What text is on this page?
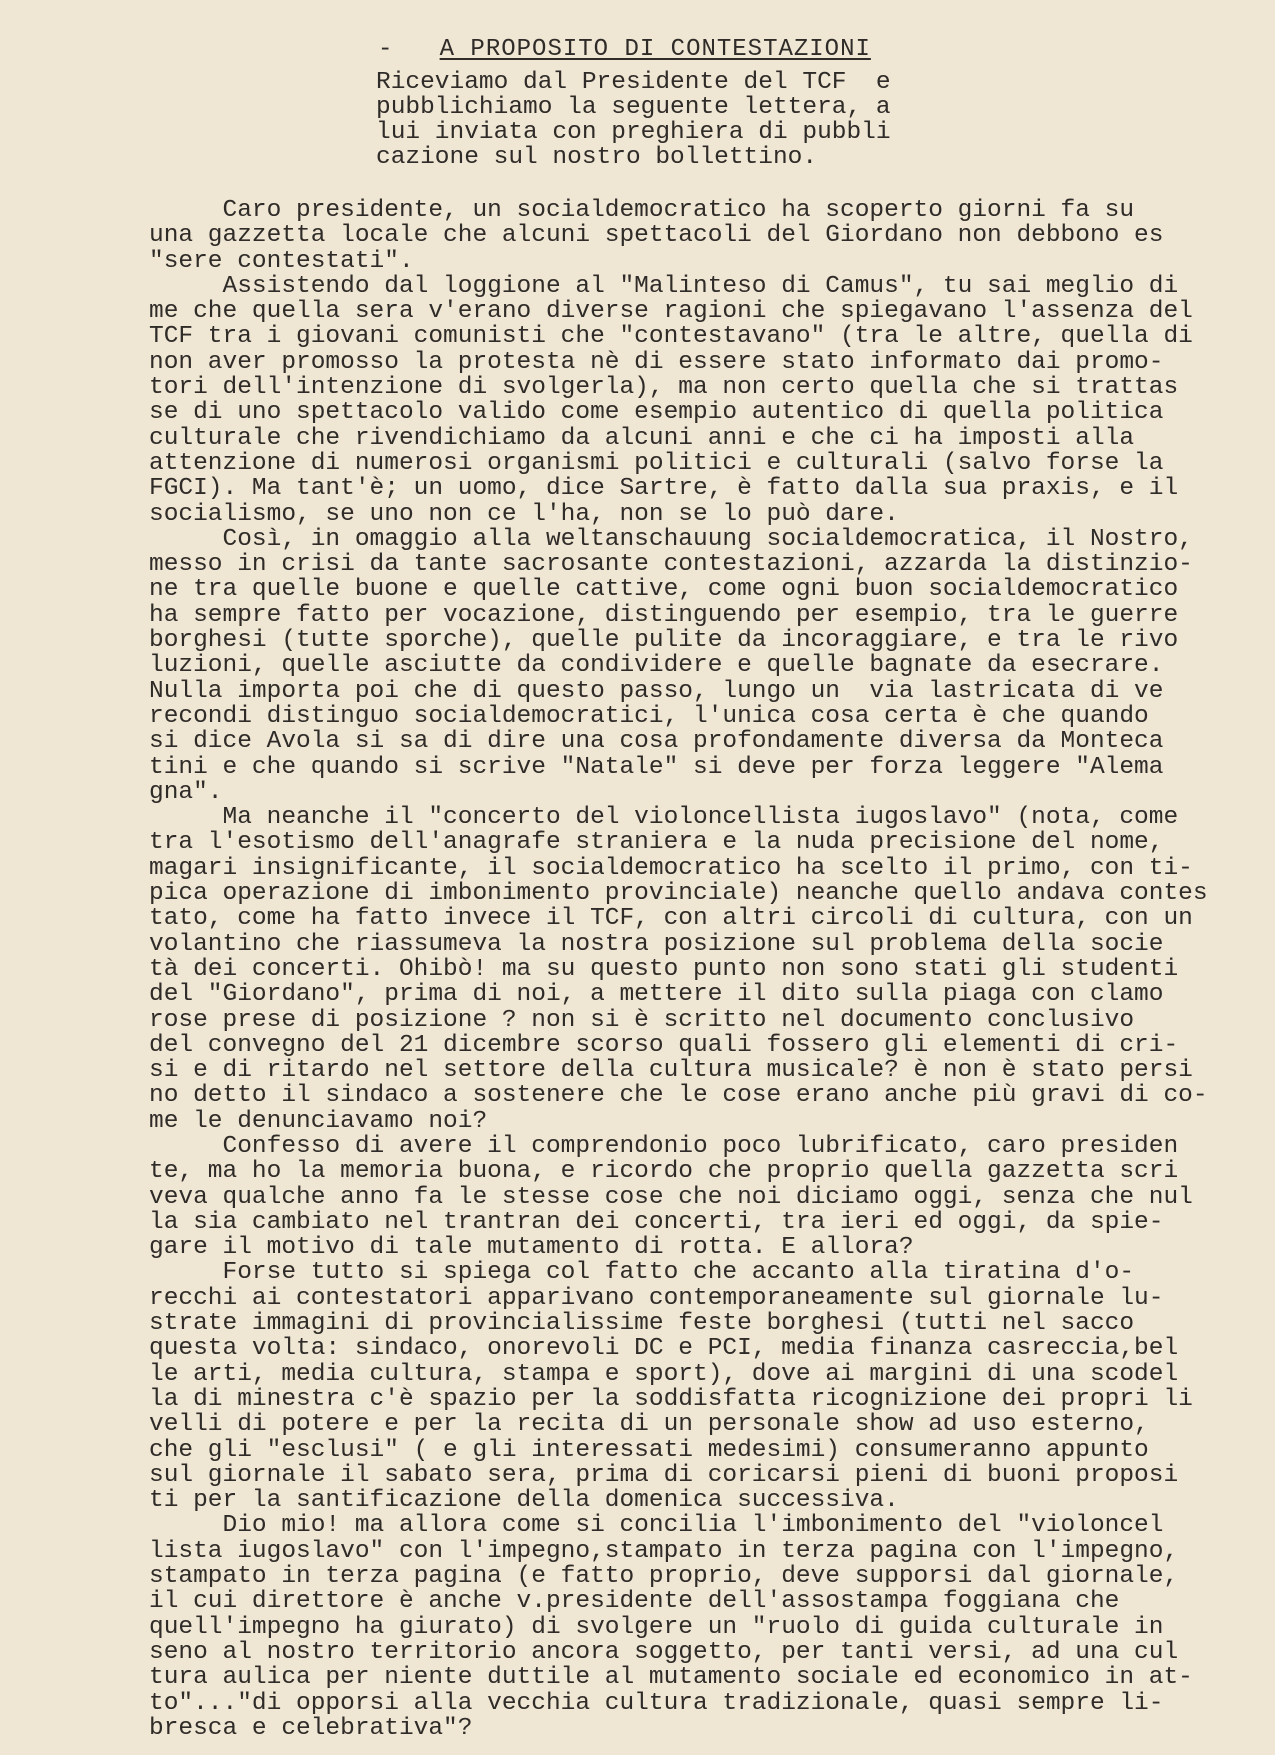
- A PROPOSITO DI CONTESTAZIONI
Riceviamo dal Presidente del TCF  e
pubblichiamo la seguente lettera, a
lui inviata con preghiera di pubbli
cazione sul nostro bollettino.
Caro presidente, un socialdemocratico ha scoperto giorni fa su
una gazzetta locale che alcuni spettacoli del Giordano non debbono es
"sere contestati".
Assistendo dal loggione al "Malinteso di Camus", tu sai meglio di
me che quella sera v'erano diverse ragioni che spiegavano l'assenza del
TCF tra i giovani comunisti che "contestavano" (tra le altre, quella di
non aver promosso la protesta nè di essere stato informato dai promo-
tori dell'intenzione di svolgerla), ma non certo quella che si trattas
se di uno spettacolo valido come esempio autentico di quella politica
culturale che rivendichiamo da alcuni anni e che ci ha imposti alla
attenzione di numerosi organismi politici e culturali (salvo forse la
FGCI). Ma tant'è; un uomo, dice Sartre, è fatto dalla sua praxis, e il
socialismo, se uno non ce l'ha, non se lo può dare.
Così, in omaggio alla weltanschauung socialdemocratica, il Nostro,
messo in crisi da tante sacrosante contestazioni, azzarda la distinzio-
ne tra quelle buone e quelle cattive, come ogni buon socialdemocratico
ha sempre fatto per vocazione, distinguendo per esempio, tra le guerre
borghesi (tutte sporche), quelle pulite da incoraggiare, e tra le rivo
luzioni, quelle asciutte da condividere e quelle bagnate da esecrare.
Nulla importa poi che di questo passo, lungo un  via lastricata di ve
recondi distinguo socialdemocratici, l'unica cosa certa è che quando
si dice Avola si sa di dire una cosa profondamente diversa da Monteca
tini e che quando si scrive "Natale" si deve per forza leggere "Alema
gna".
Ma neanche il "concerto del violoncellista iugoslavo" (nota, come
tra l'esotismo dell'anagrafe straniera e la nuda precisione del nome,
magari insignificante, il socialdemocratico ha scelto il primo, con ti-
pica operazione di imbonimento provinciale) neanche quello andava contes
tato, come ha fatto invece il TCF, con altri circoli di cultura, con un
volantino che riassumeva la nostra posizione sul problema della socie
tà dei concerti. Ohibò! ma su questo punto non sono stati gli studenti
del "Giordano", prima di noi, a mettere il dito sulla piaga con clamo
rose prese di posizione ? non si è scritto nel documento conclusivo
del convegno del 21 dicembre scorso quali fossero gli elementi di cri-
si e di ritardo nel settore della cultura musicale? è non è stato persi
no detto il sindaco a sostenere che le cose erano anche più gravi di co-
me le denunciavamo noi?
Confesso di avere il comprendonio poco lubrificato, caro presiden
te, ma ho la memoria buona, e ricordo che proprio quella gazzetta scri
veva qualche anno fa le stesse cose che noi diciamo oggi, senza che nul
la sia cambiato nel trantran dei concerti, tra ieri ed oggi, da spie-
gare il motivo di tale mutamento di rotta. E allora?
Forse tutto si spiega col fatto che accanto alla tiratina d'o-
recchi ai contestatori apparivano contemporaneamente sul giornale lu-
strate immagini di provincialissime feste borghesi (tutti nel sacco
questa volta: sindaco, onorevoli DC e PCI, media finanza casreccia,bel
le arti, media cultura, stampa e sport), dove ai margini di una scodel
la di minestra c'è spazio per la soddisfatta ricognizione dei propri li
velli di potere e per la recita di un personale show ad uso esterno,
che gli "esclusi" ( e gli interessati medesimi) consumeranno appunto
sul giornale il sabato sera, prima di coricarsi pieni di buoni proposi
ti per la santificazione della domenica successiva.
Dio mio! ma allora come si concilia l'imbonimento del "violoncel
lista iugoslavo" con l'impegno,stampato in terza pagina con l'impegno,
stampato in terza pagina (e fatto proprio, deve supporsi dal giornale,
il cui direttore è anche v.presidente dell'assostampa foggiana che
quell'impegno ha giurato) di svolgere un "ruolo di guida culturale in
seno al nostro territorio ancora soggetto, per tanti versi, ad una cul
tura aulica per niente duttile al mutamento sociale ed economico in at-
to"..."di opporsi alla vecchia cultura tradizionale, quasi sempre li-
bresca e celebrativa"?
